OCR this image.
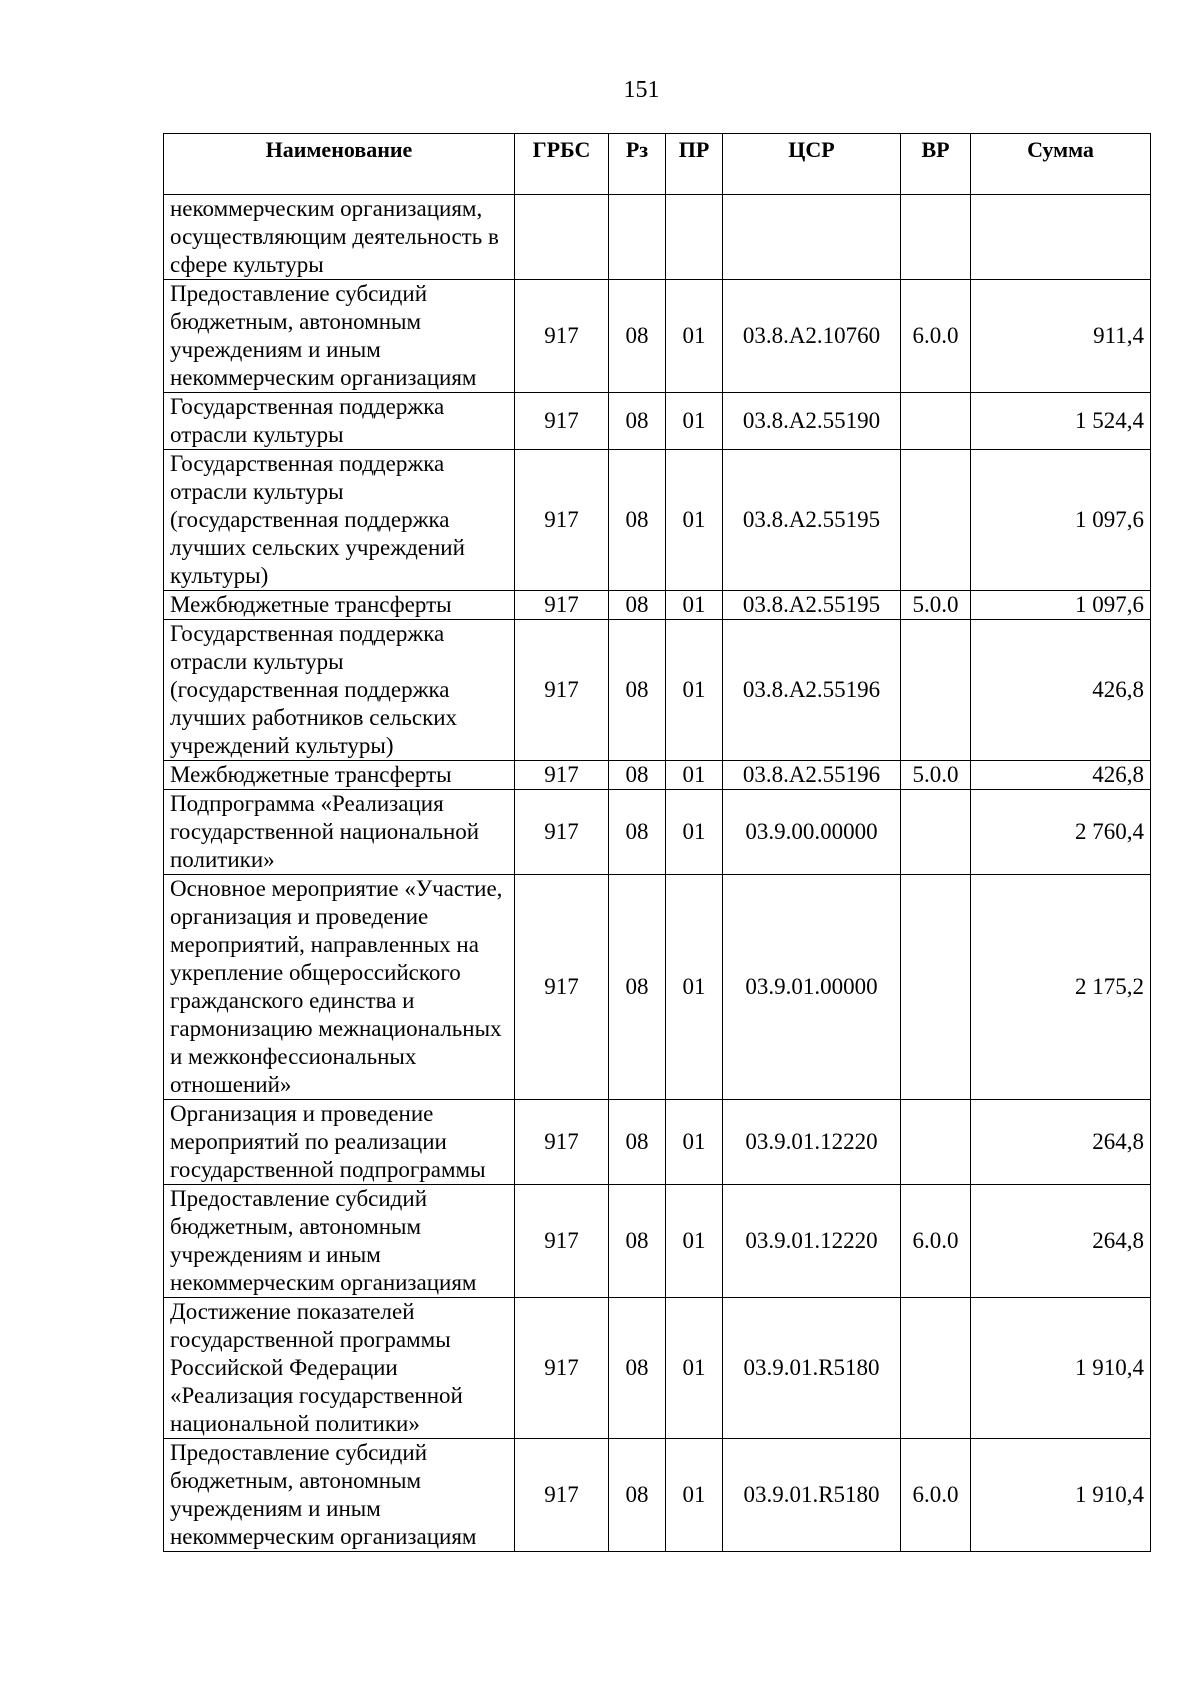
151
Наименование	ГРБС	Рз	ПР	ЦСР	ВР	Сумма
некоммерческим организациям, осуществляющим деятельность в сфере культуры						
Предоставление субсидий бюджетным, автономным учреждениям и иным некоммерческим организациям	917	08	01	03.8.А2.10760	6.0.0	911,4
Государственная поддержка отрасли культуры	917	08	01	03.8.А2.55190		1 524,4
Государственная поддержка отрасли культуры (государственная поддержка лучших сельских учреждений культуры)	917	08	01	03.8.А2.55195		1 097,6
Межбюджетные трансферты	917	08	01	03.8.А2.55195	5.0.0	1 097,6
Государственная поддержка отрасли культуры (государственная поддержка лучших работников сельских учреждений культуры)	917	08	01	03.8.А2.55196		426,8
Межбюджетные трансферты	917	08	01	03.8.А2.55196	5.0.0	426,8
Подпрограмма «Реализация государственной национальной политики»	917	08	01	03.9.00.00000		2 760,4
Основное мероприятие «Участие, организация и проведение мероприятий, направленных на укрепление общероссийского гражданского единства и гармонизацию межнациональных и межконфессиональных отношений»	917	08	01	03.9.01.00000		2 175,2
Организация и проведение мероприятий по реализации государственной подпрограммы	917	08	01	03.9.01.12220		264,8
Предоставление субсидий бюджетным, автономным учреждениям и иным некоммерческим организациям	917	08	01	03.9.01.12220	6.0.0	264,8
Достижение показателей государственной программы Российской Федерации «Реализация государственной национальной политики»	917	08	01	03.9.01.R5180		1 910,4
Предоставление субсидий бюджетным, автономным учреждениям и иным некоммерческим организациям	917	08	01	03.9.01.R5180	6.0.0	1 910,4
